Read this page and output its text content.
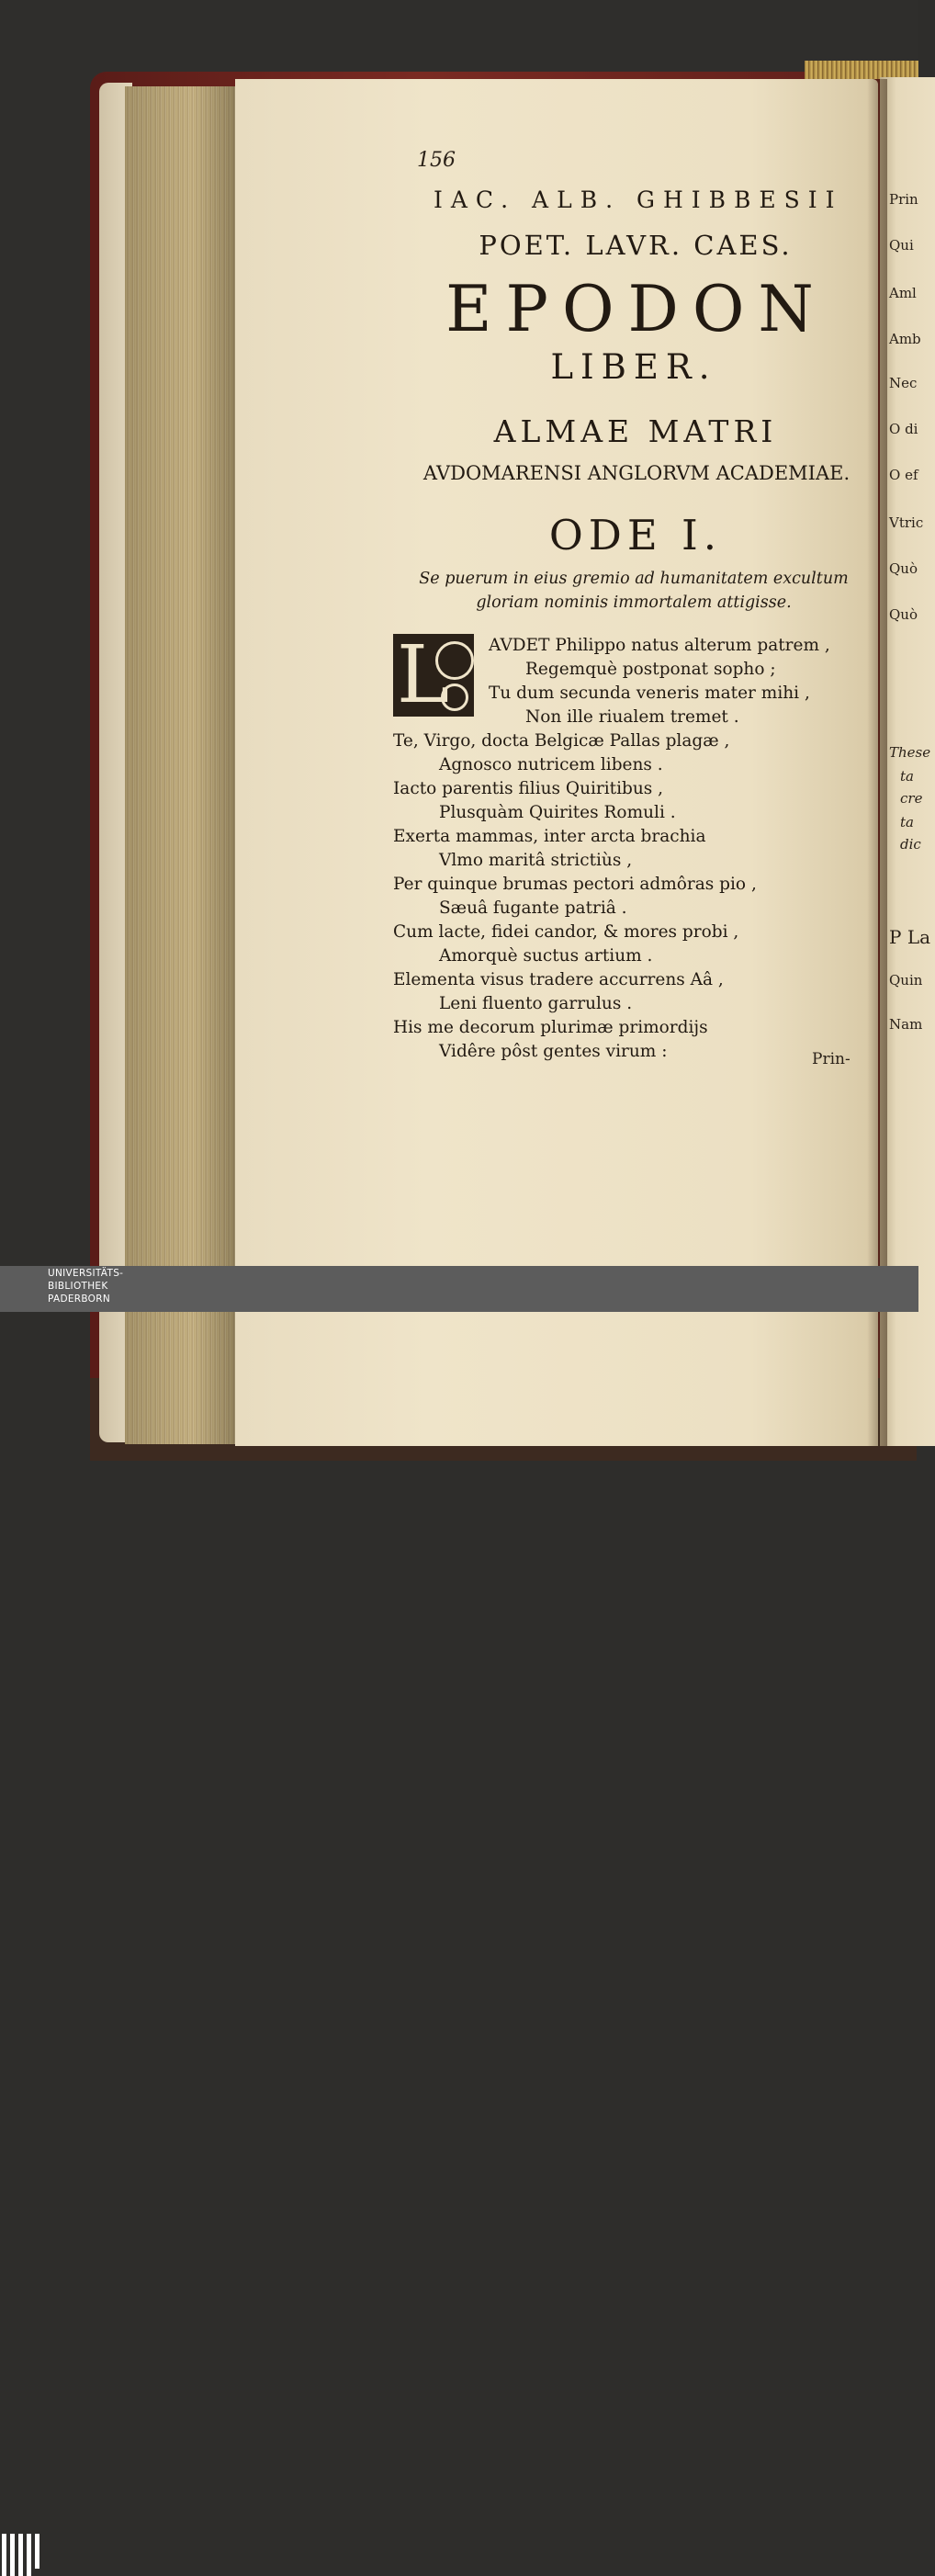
156
IAC. ALB. GHIBBESII
POET. LAVR. CAES.
EPODON
LIBER.
ALMAE MATRI
AVDOMARENSI ANGLORVM ACADEMIAE.
ODE I.
Se puerum in eius gremio ad humanitatem excultum
gloriam nominis immortalem attigisse.
L AVDET Philippo natus alterum patrem ,
Regemquè postponat sopho ;
Tu dum secunda veneris mater mihi ,
Non ille riualem tremet .
Te, Virgo, docta Belgicæ Pallas plagæ ,
Agnosco nutricem libens .
Iacto parentis filius Quiritibus ,
Plusquàm Quirites Romuli .
Exerta mammas, inter arcta brachia
Vlmo maritâ strictiùs ,
Per quinque brumas pectori admôras pio ,
Sæuâ fugante patriâ .
Cum lacte, fidei candor, & mores probi ,
Amorquè suctus artium .
Elementa visus tradere accurrens Aâ ,
Leni fluento garrulus .
His me decorum plurimæ primordijs
Vidêre pôst gentes virum :	Prin-
Prin
Qui
Aml
Amb
Nec
O di
O ef
Vtric
Quò
Quò
These
ta
cre
ta
dic
P La
Quin
Nam
UNIVERSITÄTS-
BIBLIOTHEK
PADERBORN
